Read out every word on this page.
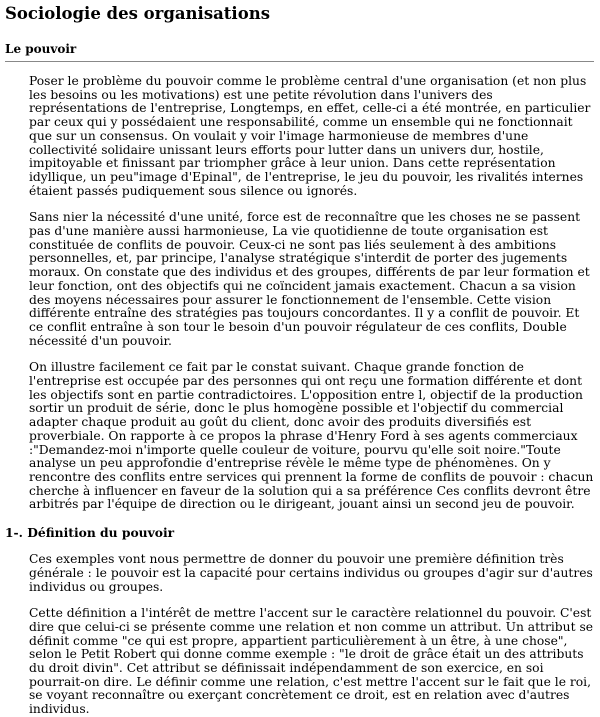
Sociologie des organisations
Le pouvoir

Poser le problème du pouvoir comme le problème central d'une organisation (et non plus les besoins ou les motivations) est une petite révolution dans l'univers des représentations de l'entreprise, Longtemps, en effet, celle-ci a été montrée, en particulier par ceux qui y possédaient une responsabilité, comme un ensemble qui ne fonctionnait que sur un consensus. On voulait y voir l'image harmonieuse de membres d'une collectivité solidaire unissant leurs efforts pour lutter dans un univers dur, hostile, impitoyable et finissant par triompher grâce à leur union. Dans cette représentation idyllique, un peu"image d'Epinal", de l'entreprise, le jeu du pouvoir, les rivalités internes étaient passés pudiquement sous silence ou ignorés.

Sans nier la nécessité d'une unité, force est de reconnaître que les choses ne se passent pas d'une manière aussi harmonieuse, La vie quotidienne de toute organisation est constituée de conflits de pouvoir. Ceux-ci ne sont pas liés seulement à des ambitions personnelles, et, par principe, l'analyse stratégique s'interdit de porter des jugements moraux. On constate que des individus et des groupes, différents de par leur formation et leur fonction, ont des objectifs qui ne coïncident jamais exactement. Chacun a sa vision des moyens nécessaires pour assurer le fonctionnement de l'ensemble. Cette vision différente entraîne des stratégies pas toujours concordantes. Il y a conflit de pouvoir. Et ce conflit entraîne à son tour le besoin d'un pouvoir régulateur de ces conflits, Double nécessité d'un pouvoir.

On illustre facilement ce fait par le constat suivant. Chaque grande fonction de l'entreprise est occupée par des personnes qui ont reçu une formation différente et dont les objectifs sont en partie contradictoires. L'opposition entre l, objectif de la production sortir un produit de série, donc le plus homogène possible et l'objectif du commercial adapter chaque produit au goût du client, donc avoir des produits diversifiés est proverbiale. On rapporte à ce propos la phrase d'Henry Ford à ses agents commerciaux :"Demandez-moi n'importe quelle couleur de voiture, pourvu qu'elle soit noire."Toute analyse un peu approfondie d'entreprise révèle le même type de phénomènes. On y rencontre des conflits entre services qui prennent la forme de conflits de pouvoir : chacun cherche à influencer en faveur de la solution qui a sa préférence Ces conflits devront être arbitrés par l'équipe de direction ou le dirigeant, jouant ainsi un second jeu de pouvoir.

1-. Définition du pouvoir

Ces exemples vont nous permettre de donner du pouvoir une première définition très générale : le pouvoir est la capacité pour certains individus ou groupes d'agir sur d'autres individus ou groupes.

Cette définition a l'intérêt de mettre l'accent sur le caractère relationnel du pouvoir. C'est dire que celui-ci se présente comme une relation et non comme un attribut. Un attribut se définit comme "ce qui est propre, appartient particulièrement à un être, à une chose", selon le Petit Robert qui donne comme exemple : "le droit de grâce était un des attributs du droit divin". Cet attribut se définissait indépendamment de son exercice, en soi pourrait-on dire. Le définir comme une relation, c'est mettre l'accent sur le fait que le roi, se voyant reconnaître ou exerçant concrètement ce droit, est en relation avec d'autres individus.
